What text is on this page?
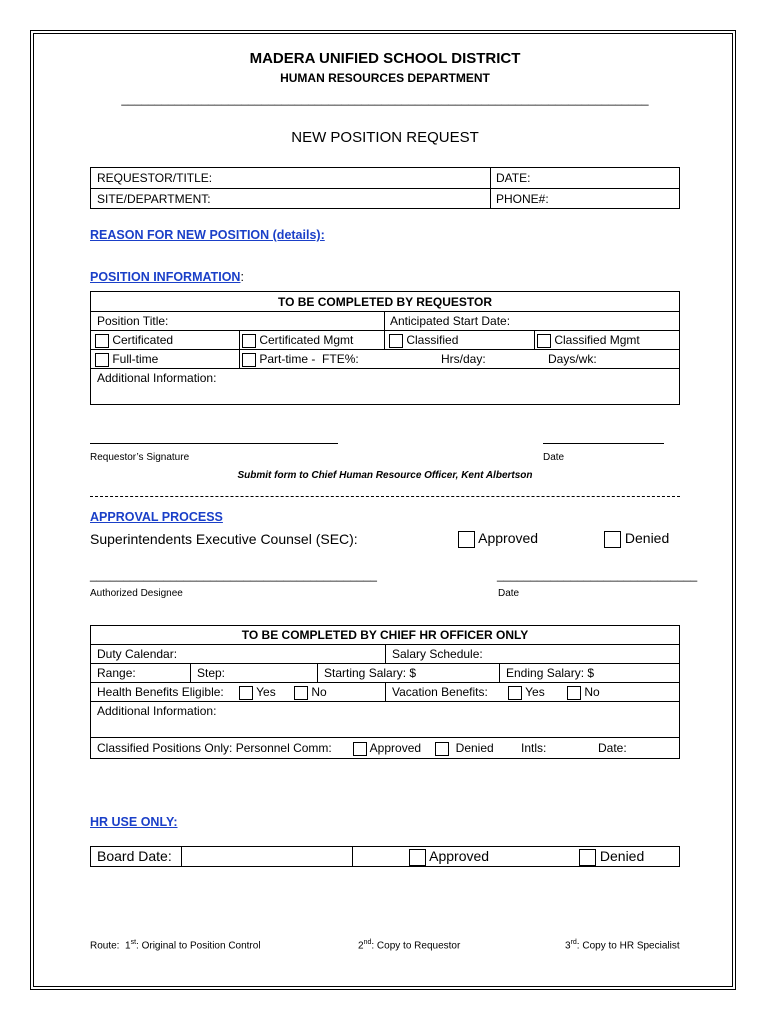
MADERA UNIFIED SCHOOL DISTRICT
HUMAN RESOURCES DEPARTMENT
_______________________________________________________________________________
NEW POSITION REQUEST
REQUESTOR/TITLE:	DATE:
SITE/DEPARTMENT:	PHONE#:
REASON FOR NEW POSITION (details):
POSITION INFORMATION:
TO BE COMPLETED BY REQUESTOR
Position Title:	Anticipated Start Date:
Certificated	Certificated Mgmt	Classified	Classified Mgmt
Full-time	Part-time - FTE%:	Hrs/day:	Days/wk:
Additional Information:
Requestor’s Signature	Date
Submit form to Chief Human Resource Officer, Kent Albertson
APPROVAL PROCESS
Superintendents Executive Counsel (SEC):	Approved	Denied
___________________________________________	______________________________
Authorized Designee	Date
TO BE COMPLETED BY CHIEF HR OFFICER ONLY
Duty Calendar:	Salary Schedule:
Range:	Step:	Starting Salary: $	Ending Salary: $
Health Benefits Eligible:	Yes	No	Vacation Benefits:	Yes	No
Additional Information:
Classified Positions Only: Personnel Comm:	Approved	Denied Intls:	Date:
HR USE ONLY:
Board Date:	Approved	Denied
Route: 1st: Original to Position Control	2nd: Copy to Requestor	3rd: Copy to HR Specialist
